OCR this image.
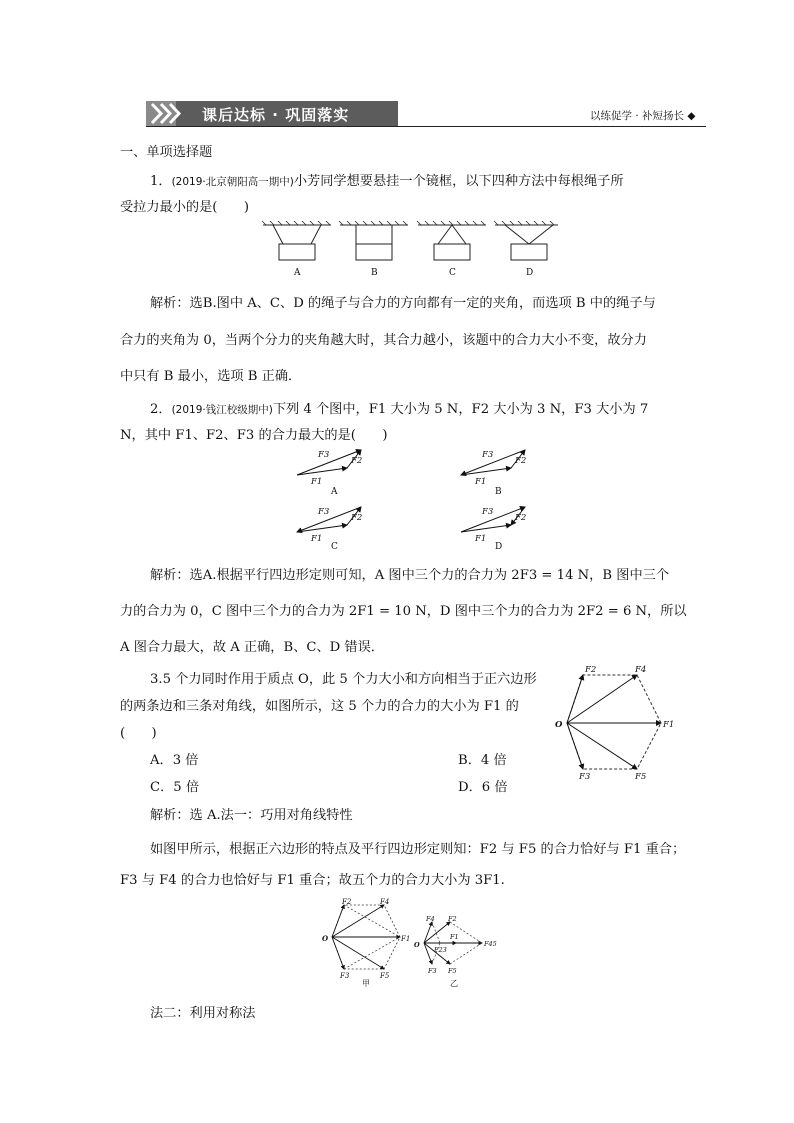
课后达标 · 巩固落实	以练促学 · 补短扬长 ◆
一、单项选择题
1．(2019·北京朝阳高一期中)小芳同学想要悬挂一个镜框，以下四种方法中每根绳子所
受拉力最小的是(　　)
A	B	C	D
解析：选B.图中 A、C、D 的绳子与合力的方向都有一定的夹角，而选项 B 中的绳子与
合力的夹角为 0，当两个分力的夹角越大时，其合力越小，该题中的合力大小不变，故分力
中只有 B 最小，选项 B 正确．
2．(2019·钱江校级期中)下列 4 个图中，F1 大小为 5 N，F2 大小为 3 N，F3 大小为 7
N，其中 F1、F2、F3 的合力最大的是(　　)
F3
F2
F1
F3
F2
F1
F3
F2
F1
F3
F2
F1
A	B
C	D
解析：选A.根据平行四边形定则可知，A 图中三个力的合力为 2F3 = 14 N，B 图中三个
力的合力为 0，C 图中三个力的合力为 2F1 = 10 N，D 图中三个力的合力为 2F2 = 6 N，所以
A 图合力最大，故 A 正确，B、C、D 错误．
3.5 个力同时作用于质点 O，此 5 个力大小和方向相当于正六边形
的两条边和三条对角线，如图所示，这 5 个力的合力的大小为 F1 的
(　　)
A．3 倍	B．4 倍
C．5 倍	D．6 倍
F2	F4
O	F1
F3	F5
解析：选 A.法一：巧用对角线特性
如图甲所示，根据正六边形的特点及平行四边形定则知：F2 与 F5 的合力恰好与 F1 重合；
F3 与 F4 的合力也恰好与 F1 重合；故五个力的合力大小为 3F1.
F2	F4
O	F1
F3	F5
F4 F2
F1
F23
F45
F3 F5
O
甲	乙
法二：利用对称法
